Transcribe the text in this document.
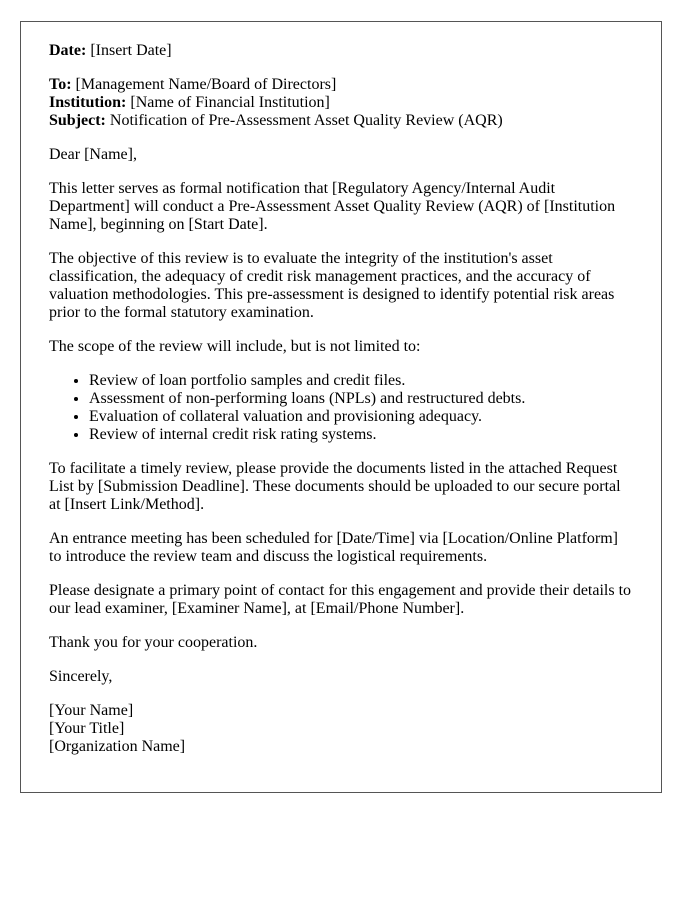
Date: [Insert Date]

To: [Management Name/Board of Directors]
Institution: [Name of Financial Institution]
Subject: Notification of Pre-Assessment Asset Quality Review (AQR)

Dear [Name],

This letter serves as formal notification that [Regulatory Agency/Internal Audit Department] will conduct a Pre-Assessment Asset Quality Review (AQR) of [Institution Name], beginning on [Start Date].

The objective of this review is to evaluate the integrity of the institution's asset classification, the adequacy of credit risk management practices, and the accuracy of valuation methodologies. This pre-assessment is designed to identify potential risk areas prior to the formal statutory examination.

The scope of the review will include, but is not limited to:

• Review of loan portfolio samples and credit files.
• Assessment of non-performing loans (NPLs) and restructured debts.
• Evaluation of collateral valuation and provisioning adequacy.
• Review of internal credit risk rating systems.

To facilitate a timely review, please provide the documents listed in the attached Request List by [Submission Deadline]. These documents should be uploaded to our secure portal at [Insert Link/Method].

An entrance meeting has been scheduled for [Date/Time] via [Location/Online Platform] to introduce the review team and discuss the logistical requirements.

Please designate a primary point of contact for this engagement and provide their details to our lead examiner, [Examiner Name], at [Email/Phone Number].

Thank you for your cooperation.

Sincerely,

[Your Name]
[Your Title]
[Organization Name]
